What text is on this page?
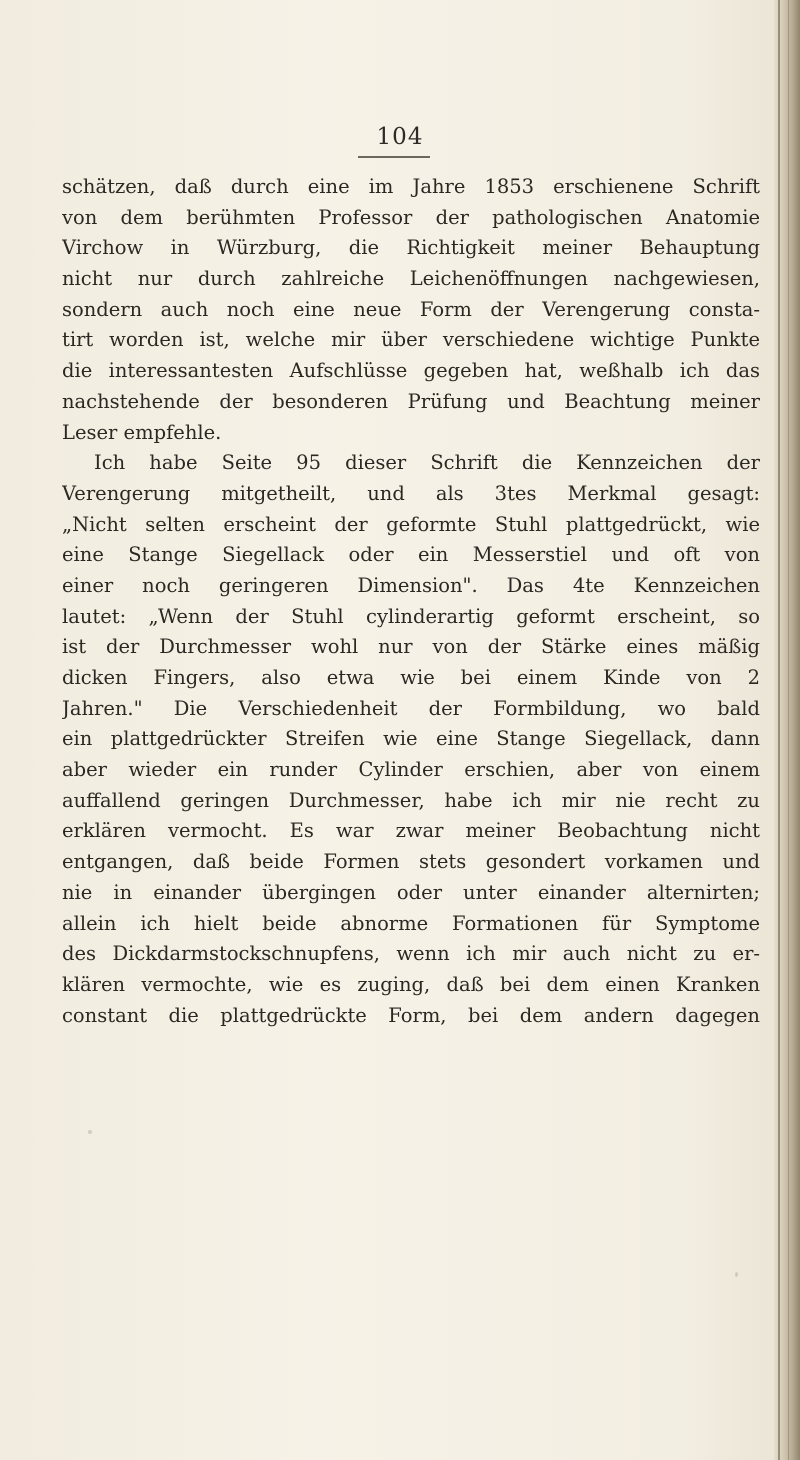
104
schätzen, daß durch eine im Jahre 1853 erschienene Schrift
von dem berühmten Professor der pathologischen Anatomie
Virchow in Würzburg, die Richtigkeit meiner Behauptung
nicht nur durch zahlreiche Leichenöffnungen nachgewiesen,
sondern auch noch eine neue Form der Verengerung consta-
tirt worden ist, welche mir über verschiedene wichtige Punkte
die interessantesten Aufschlüsse gegeben hat, weßhalb ich das
nachstehende der besonderen Prüfung und Beachtung meiner
Leser empfehle.
Ich habe Seite 95 dieser Schrift die Kennzeichen der
Verengerung mitgetheilt, und als 3tes Merkmal gesagt:
„Nicht selten erscheint der geformte Stuhl plattgedrückt, wie
eine Stange Siegellack oder ein Messerstiel und oft von
einer noch geringeren Dimension". Das 4te Kennzeichen
lautet: „Wenn der Stuhl cylinderartig geformt erscheint, so
ist der Durchmesser wohl nur von der Stärke eines mäßig
dicken Fingers, also etwa wie bei einem Kinde von 2
Jahren." Die Verschiedenheit der Formbildung, wo bald
ein plattgedrückter Streifen wie eine Stange Siegellack, dann
aber wieder ein runder Cylinder erschien, aber von einem
auffallend geringen Durchmesser, habe ich mir nie recht zu
erklären vermocht. Es war zwar meiner Beobachtung nicht
entgangen, daß beide Formen stets gesondert vorkamen und
nie in einander übergingen oder unter einander alternirten;
allein ich hielt beide abnorme Formationen für Symptome
des Dickdarmstockschnupfens, wenn ich mir auch nicht zu er-
klären vermochte, wie es zuging, daß bei dem einen Kranken
constant die plattgedrückte Form, bei dem andern dagegen
